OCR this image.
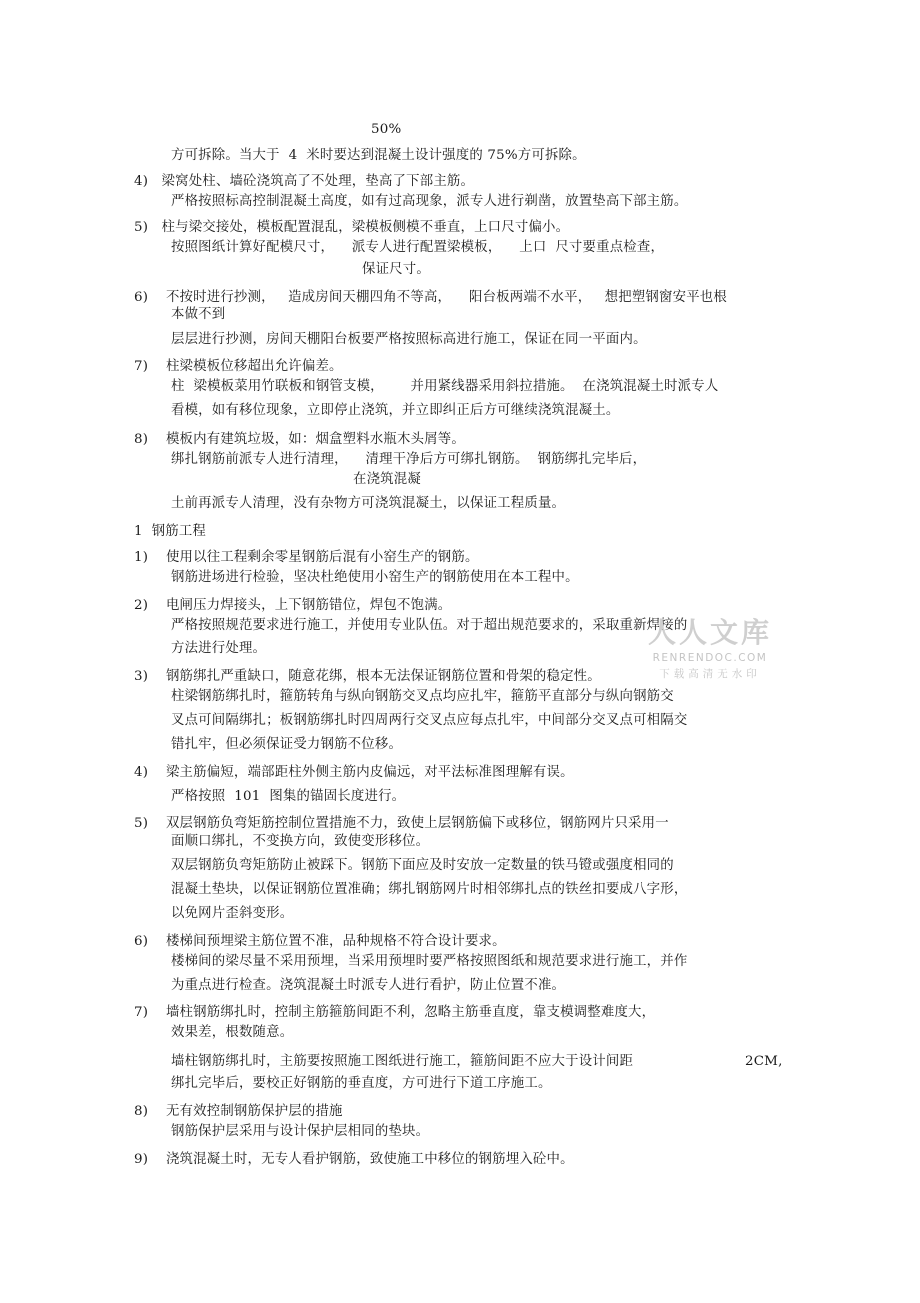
50%
方可拆除。当大于  4  米时要达到混凝土设计强度的 75%方可拆除。
4)   梁窝处柱、墙砼浇筑高了不处理，垫高了下部主筋。
严格按照标高控制混凝土高度，如有过高现象，派专人进行剃凿，放置垫高下部主筋。
5)   柱与梁交接处，模板配置混乱，梁模板侧模不垂直，上口尺寸偏小。
按照图纸计算好配模尺寸，    派专人进行配置梁模板，    上口  尺寸要重点检查，
保证尺寸。
6)    不按时进行抄测，   造成房间天棚四角不等高，    阳台板两端不水平，   想把塑钢窗安平也根
本做不到
层层进行抄测，房间天棚阳台板要严格按照标高进行施工，保证在同一平面内。
7)    柱梁模板位移超出允许偏差。
柱  梁模板菜用竹联板和钢管支模，      并用紧线器采用斜拉措施。  在浇筑混凝土时派专人
看模，如有移位现象，立即停止浇筑，并立即纠正后方可继续浇筑混凝土。
8)    模板内有建筑垃圾，如：烟盒塑料水瓶木头屑等。
绑扎钢筋前派专人进行清理，    清理干净后方可绑扎钢筋。  钢筋绑扎完毕后，
在浇筑混凝
土前再派专人清理，没有杂物方可浇筑混凝土，以保证工程质量。
1  钢筋工程
1)    使用以往工程剩余零星钢筋后混有小窑生产的钢筋。
钢筋进场进行检验，坚决杜绝使用小窑生产的钢筋使用在本工程中。
2)    电闸压力焊接头，上下钢筋错位，焊包不饱满。
严格按照规范要求进行施工，并使用专业队伍。对于超出规范要求的，采取重新焊接的
方法进行处理。
3)    钢筋绑扎严重缺口，随意花绑，根本无法保证钢筋位置和骨架的稳定性。
柱梁钢筋绑扎时，箍筋转角与纵向钢筋交叉点均应扎牢，箍筋平直部分与纵向钢筋交
叉点可间隔绑扎；板钢筋绑扎时四周两行交叉点应每点扎牢，中间部分交叉点可相隔交
错扎牢，但必须保证受力钢筋不位移。
4)    梁主筋偏短，端部距柱外侧主筋内皮偏远，对平法标准图理解有误。
严格按照  101  图集的锚固长度进行。
5)    双层钢筋负弯矩筋控制位置措施不力，致使上层钢筋偏下或移位，钢筋网片只采用一
面顺口绑扎，不变换方向，致使变形移位。
双层钢筋负弯矩筋防止被踩下。钢筋下面应及时安放一定数量的铁马镫或强度相同的
混凝土垫块，以保证钢筋位置准确；绑扎钢筋网片时相邻绑扎点的铁丝扣要成八字形，
以免网片歪斜变形。
6)    楼梯间预埋梁主筋位置不准，品种规格不符合设计要求。
楼梯间的梁尽量不采用预埋，当采用预埋时要严格按照图纸和规范要求进行施工，并作
为重点进行检查。浇筑混凝土时派专人进行看护，防止位置不准。
7)    墙柱钢筋绑扎时，控制主筋箍筋间距不利，忽略主筋垂直度，靠支模调整难度大，
效果差，根数随意。
墙柱钢筋绑扎时，主筋要按照施工图纸进行施工，箍筋间距不应大于设计间距	2CM,
绑扎完毕后，要校正好钢筋的垂直度，方可进行下道工序施工。
8)    无有效控制钢筋保护层的措施
钢筋保护层采用与设计保护层相同的垫块。
9)    浇筑混凝土时，无专人看护钢筋，致使施工中移位的钢筋埋入砼中。
人人文库
RENRENDOC.COM
下载高清无水印
